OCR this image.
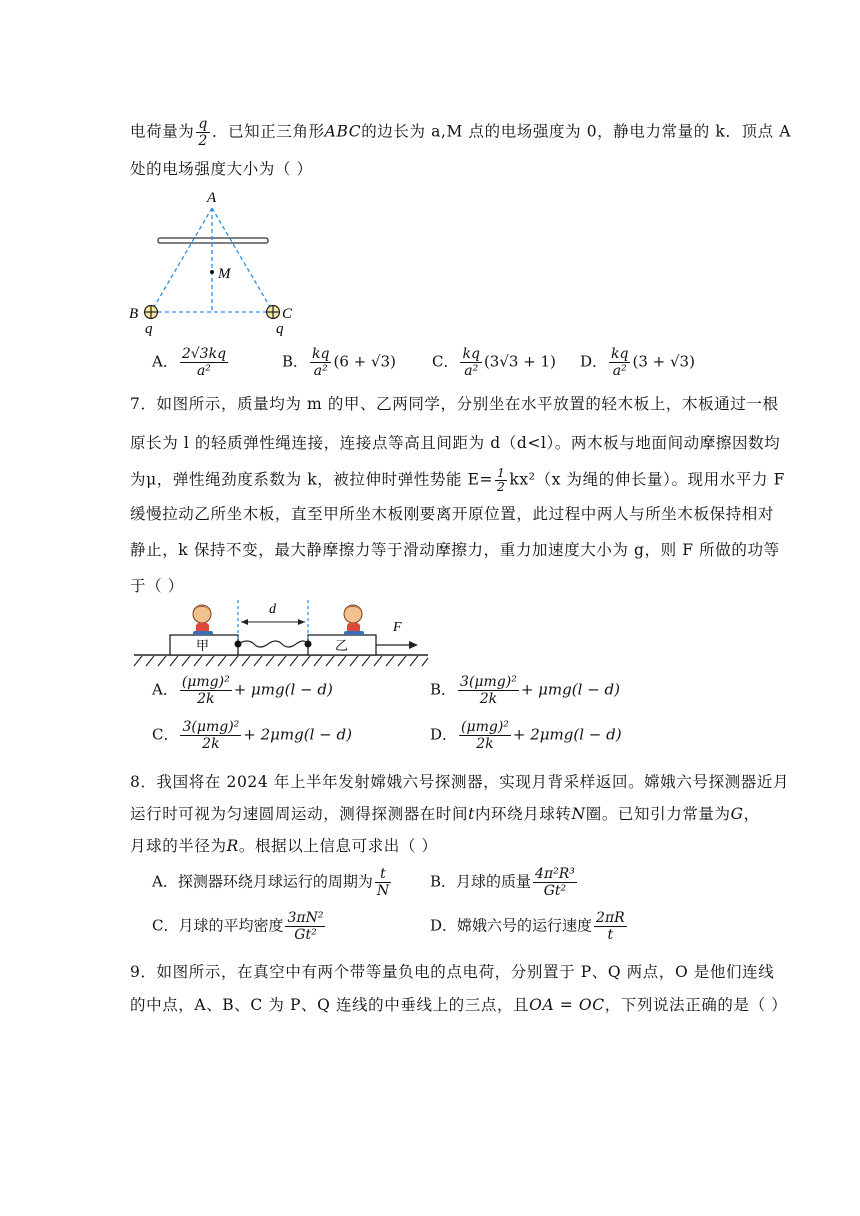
电荷量为 $\frac{q}{2}$ ．已知正三角形ABC的边长为 a,M 点的电场强度为 0，静电力常量的 k．顶点 A
处的电场强度大小为（ ）
A
M
B	C
q	q
A． $\frac{2√3kq}{\text{a²}}$	B． $\frac{kq}{\text{a²}} (6 + √3)$ C． $\frac{kq}{\text{a²}} (3√3 + 1)$ D． $\frac{kq}{\text{a²}} (3 + √3)$
7．如图所示，质量均为 m 的甲、乙两同学，分别坐在水平放置的轻木板上，木板通过一根
原长为 l 的轻质弹性绳连接，连接点等高且间距为 d（d<l）。两木板与地面间动摩擦因数均
为μ，弹性绳劲度系数为 k，被拉伸时弹性势能 $E= \frac{1}{2} kx^2(x$ 为绳的伸长量）。现用水平力 F
缓慢拉动乙所坐木板，直至甲所坐木板刚要离开原位置，此过程中两人与所坐木板保持相对
静止，k 保持不变，最大静摩擦力等于滑动摩擦力，重力加速度大小为 g，则 F 所做的功等
于（ ）
甲	乙
d
F
A． $\frac{\text{(μmg)²}}{2k} + \mu mg(l - d)$	B． $\frac{\text{3(μmg)²}}{2k} + \mu mg(l - d)$
C． $\frac{\text{3(μmg)²}}{2k} + 2\mu mg(l - d)$	D． $\frac{\text{(μmg)²}}{2k} + 2\mu mg(l - d)$
8．我国将在 2024 年上半年发射嫦娥六号探测器，实现月背采样返回。嫦娥六号探测器近月
运行时可视为匀速圆周运动，测得探测器在时间t内环绕月球转N圈。已知引力常量为G，
月球的半径为R。根据以上信息可求出（ ）
A．探测器环绕月球运行的周期为 $\frac{t}{N}$	B．月球的质量 $\frac{\text{4π²R³}}{\text{Gt²}}$
C．月球的平均密度 $\frac{\text{3πN²}}{\text{Gt²}}$	D．嫦娥六号的运行速度 $\frac{2\pi R}{t}$
9．如图所示，在真空中有两个带等量负电的点电荷，分别置于 P、Q 两点，O 是他们连线
的中点，A、B、C 为 P、Q 连线的中垂线上的三点，且OA = OC，下列说法正确的是（ ）
